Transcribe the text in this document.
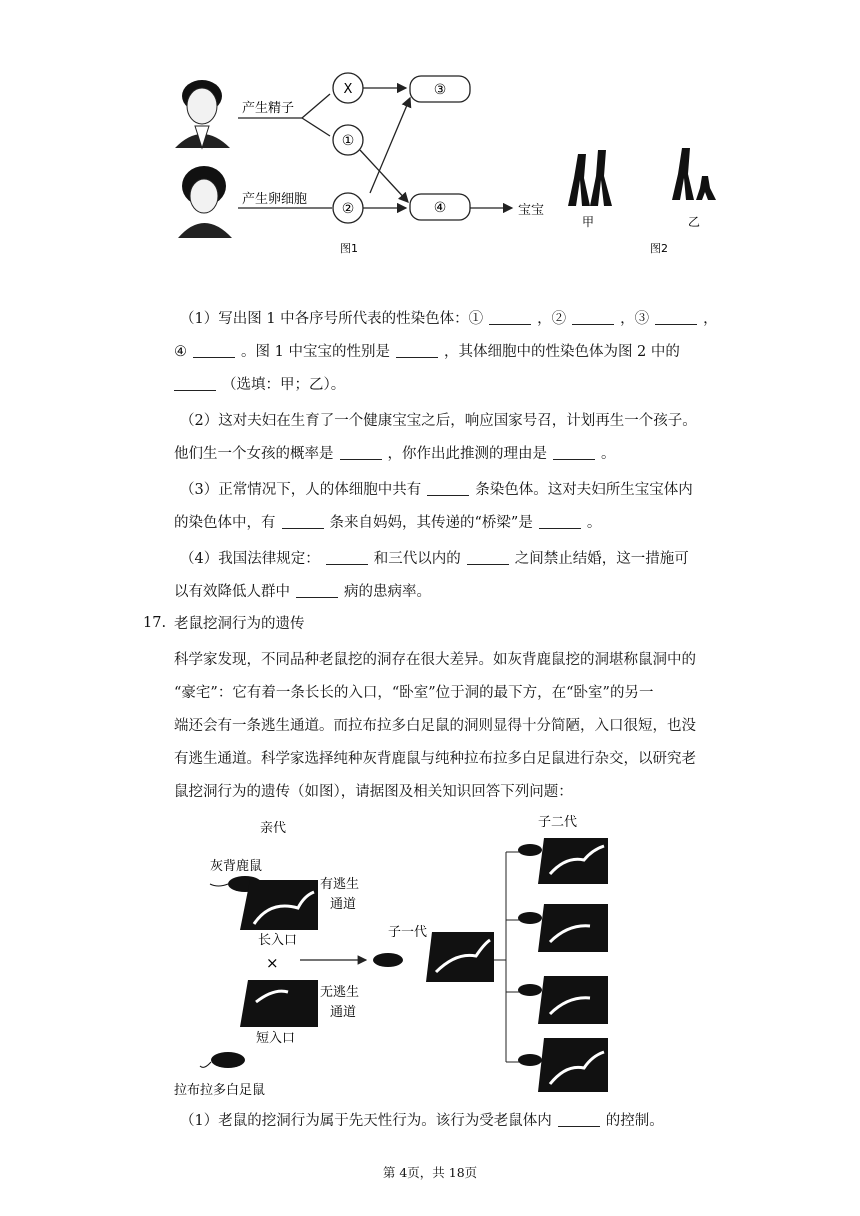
产生精子
产生卵细胞
X
①
②
③
④	宝宝
图1
甲	乙
图2
（1）写出图 1 中各序号所代表的性染色体：①	，②	，③	，
④	。图 1 中宝宝的性别是	，其体细胞中的性染色体为图 2 中的
（选填：甲；乙）。
（2）这对夫妇在生育了一个健康宝宝之后，响应国家号召，计划再生一个孩子。
他们生一个女孩的概率是	，你作出此推测的理由是	。
（3）正常情况下，人的体细胞中共有	条染色体。这对夫妇所生宝宝体内
的染色体中，有	条来自妈妈，其传递的“桥梁”是	。
（4）我国法律规定：	和三代以内的	之间禁止结婚，这一措施可
以有效降低人群中	病的患病率。
17. 老鼠挖洞行为的遗传
科学家发现，不同品种老鼠挖的洞存在很大差异。如灰背鹿鼠挖的洞堪称鼠洞中的
“豪宅”：它有着一条长长的入口，“卧室”位于洞的最下方，在“卧室”的另一
端还会有一条逃生通道。而拉布拉多白足鼠的洞则显得十分简陋，入口很短，也没
有逃生通道。科学家选择纯种灰背鹿鼠与纯种拉布拉多白足鼠进行杂交，以研究老
鼠挖洞行为的遗传（如图），请据图及相关知识回答下列问题：
亲代
灰背鹿鼠
有逃生
通道
长入口
×
无逃生
通道
短入口
拉布拉多白足鼠
子一代
子二代
（1）老鼠的挖洞行为属于先天性行为。该行为受老鼠体内	的控制。
第 4页，共 18页
